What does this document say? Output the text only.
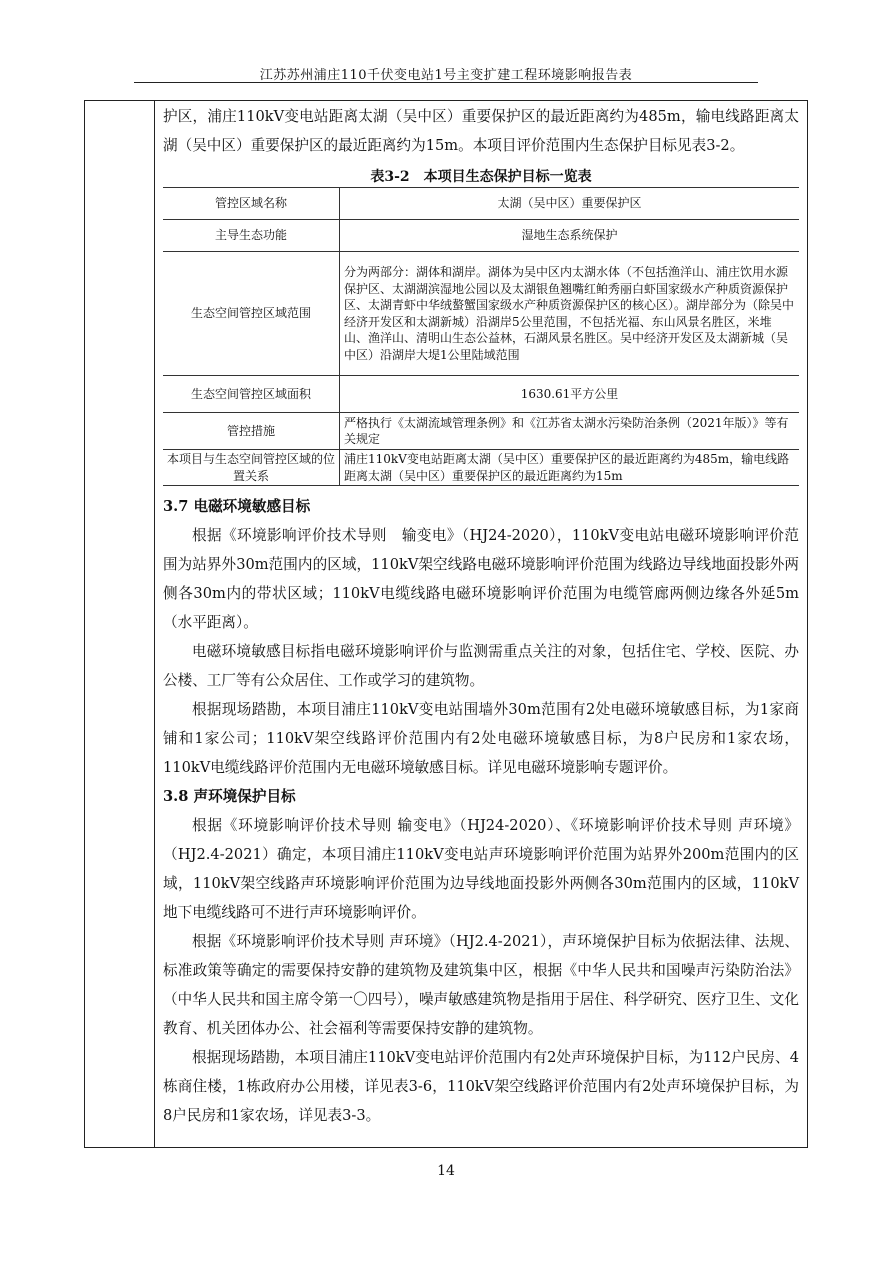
江苏苏州浦庄110千伏变电站1号主变扩建工程环境影响报告表

护区，浦庄110kV变电站距离太湖（吴中区）重要保护区的最近距离约为485m，输电线路距离太湖（吴中区）重要保护区的最近距离约为15m。本项目评价范围内生态保护目标见表3-2。

表3-2　本项目生态保护目标一览表
管控区域名称	太湖（吴中区）重要保护区
主导生态功能	湿地生态系统保护
生态空间管控区域范围	分为两部分：湖体和湖岸。湖体为吴中区内太湖水体（不包括渔洋山、浦庄饮用水源保护区、太湖湖滨湿地公园以及太湖银鱼翘嘴红鲌秀丽白虾国家级水产种质资源保护区、太湖青虾中华绒螯蟹国家级水产种质资源保护区的核心区）。湖岸部分为（除吴中经济开发区和太湖新城）沿湖岸5公里范围，不包括光福、东山风景名胜区，米堆山、渔洋山、清明山生态公益林，石湖风景名胜区。吴中经济开发区及太湖新城（吴中区）沿湖岸大堤1公里陆域范围
生态空间管控区域面积	1630.61平方公里
管控措施	严格执行《太湖流域管理条例》和《江苏省太湖水污染防治条例（2021年版）》等有关规定
本项目与生态空间管控区域的位置关系	浦庄110kV变电站距离太湖（吴中区）重要保护区的最近距离约为485m，输电线路距离太湖（吴中区）重要保护区的最近距离约为15m

3.7 电磁环境敏感目标

根据《环境影响评价技术导则　输变电》（HJ24-2020），110kV变电站电磁环境影响评价范围为站界外30m范围内的区域，110kV架空线路电磁环境影响评价范围为线路边导线地面投影外两侧各30m内的带状区域；110kV电缆线路电磁环境影响评价范围为电缆管廊两侧边缘各外延5m（水平距离）。

电磁环境敏感目标指电磁环境影响评价与监测需重点关注的对象，包括住宅、学校、医院、办公楼、工厂等有公众居住、工作或学习的建筑物。

根据现场踏勘，本项目浦庄110kV变电站围墙外30m范围有2处电磁环境敏感目标，为1家商铺和1家公司；110kV架空线路评价范围内有2处电磁环境敏感目标，为8户民房和1家农场，110kV电缆线路评价范围内无电磁环境敏感目标。详见电磁环境影响专题评价。

3.8 声环境保护目标

根据《环境影响评价技术导则 输变电》（HJ24-2020）、《环境影响评价技术导则 声环境》（HJ2.4-2021）确定，本项目浦庄110kV变电站声环境影响评价范围为站界外200m范围内的区域，110kV架空线路声环境影响评价范围为边导线地面投影外两侧各30m范围内的区域，110kV地下电缆线路可不进行声环境影响评价。

根据《环境影响评价技术导则 声环境》（HJ2.4-2021），声环境保护目标为依据法律、法规、标准政策等确定的需要保持安静的建筑物及建筑集中区，根据《中华人民共和国噪声污染防治法》（中华人民共和国主席令第一〇四号），噪声敏感建筑物是指用于居住、科学研究、医疗卫生、文化教育、机关团体办公、社会福利等需要保持安静的建筑物。

根据现场踏勘，本项目浦庄110kV变电站评价范围内有2处声环境保护目标，为112户民房、4栋商住楼，1栋政府办公用楼，详见表3-6，110kV架空线路评价范围内有2处声环境保护目标，为8户民房和1家农场，详见表3-3。

14
